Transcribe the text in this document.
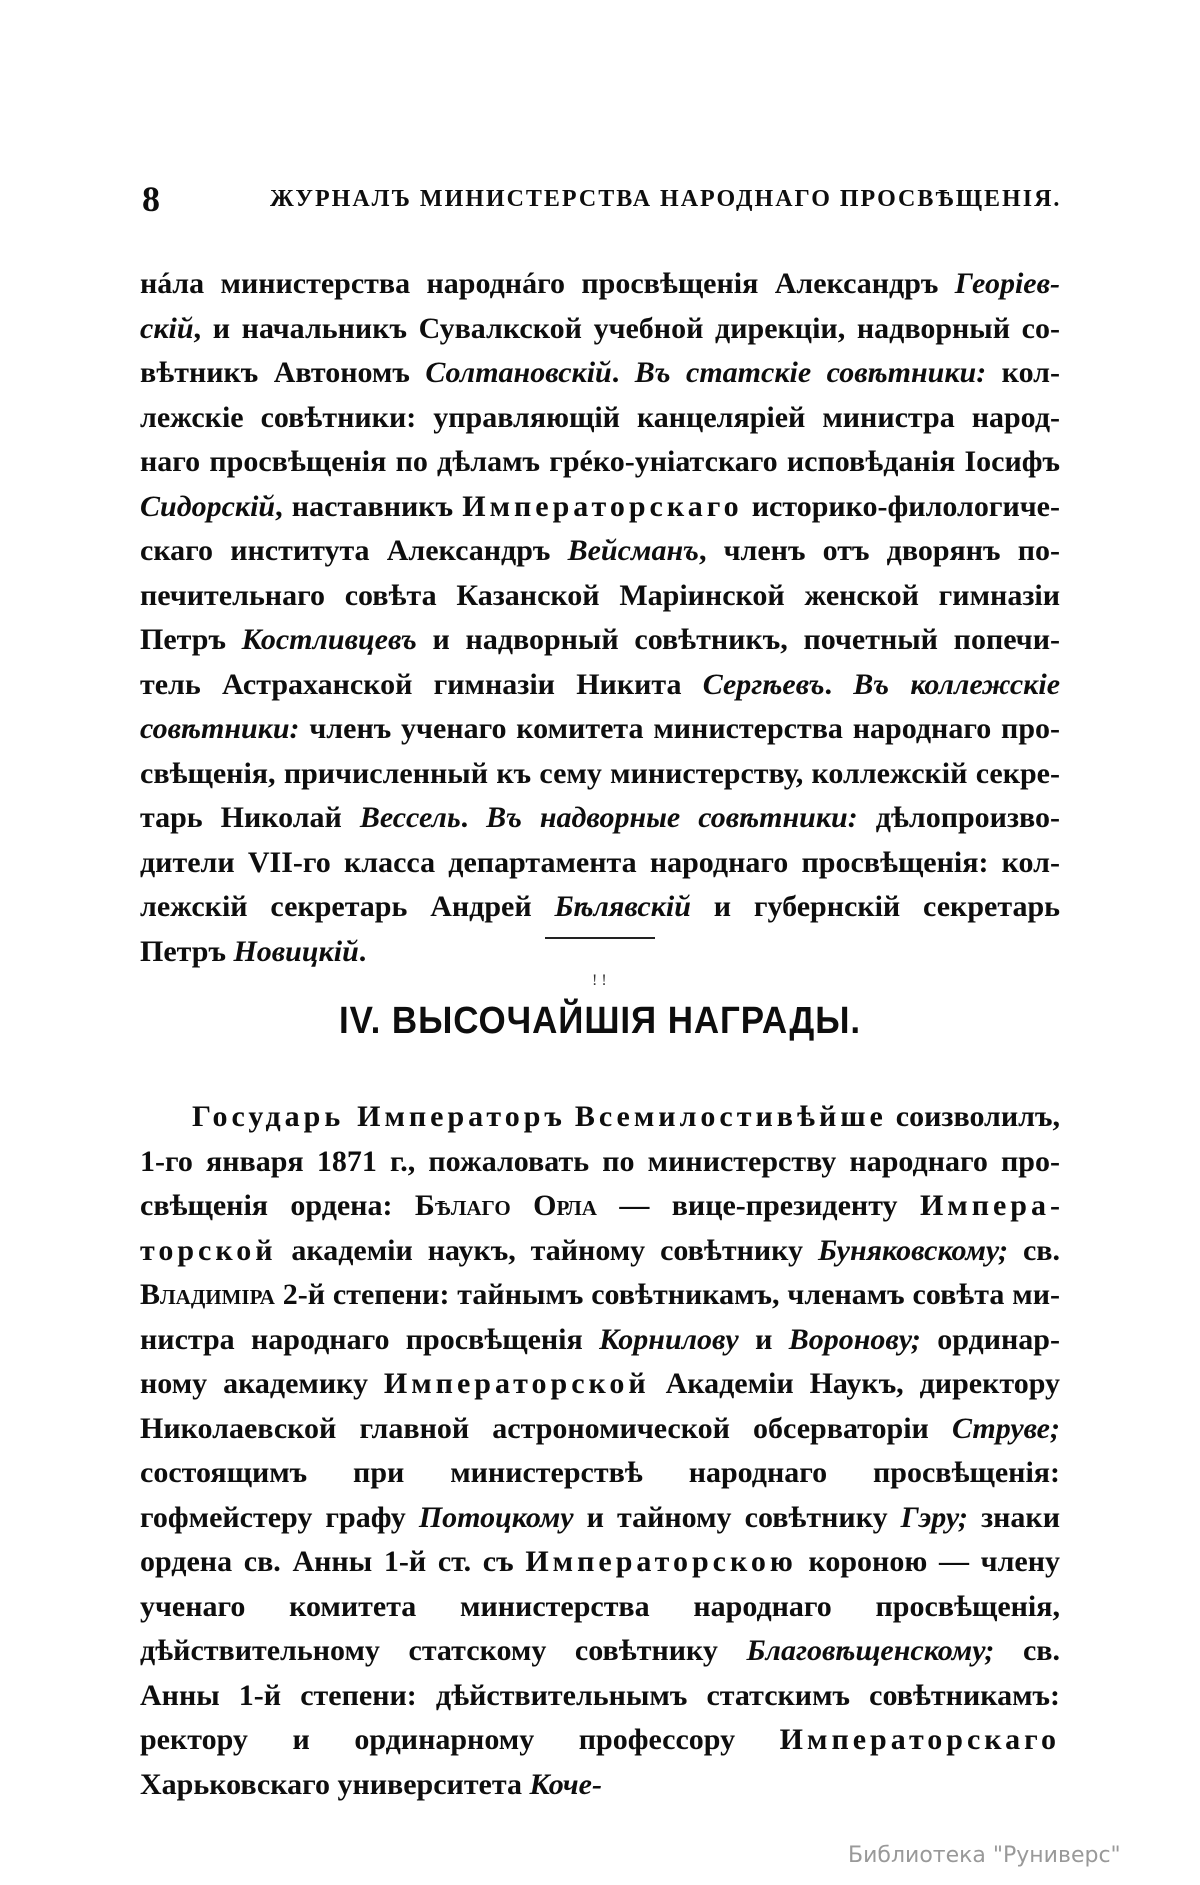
8	ЖУРНАЛЪ МИНИСТЕРСТВА НАРОДНАГО ПРОСВѢЩЕНІЯ.

нáла министерства народнáго просвѣщенія Александръ Георiевскій, и начальникъ Сувалкской учебной дирекціи, надворный совѣтникъ Автономъ Солтановскій. Въ статскіе совѣтники: коллежскіе совѣтники: управляющій канцеляріей министра народнаго просвѣщенія по дѣламъ грéко-уніатскаго исповѣданія Іосифъ Сидорскій, наставникъ Императорскаго историко-филологическаго института Александръ Вейсманъ, членъ отъ дворянъ попечительнаго совѣта Казанской Маріинской женской гимназіи Петръ Костливцевъ и надворный совѣтникъ, почетный попечитель Астраханской гимназіи Никита Сергѣевъ. Въ коллежскіе совѣтники: членъ ученаго комитета министерства народнаго просвѣщенія, причисленный къ сему министерству, коллежскій секретарь Николай Вессель. Въ надворные совѣтники: дѣлопроизводители VII-го класса департамента народнаго просвѣщенія: коллежскій секретарь Андрей Бѣлявскій и губернскій секретарь Петръ Новицкій.

! !
IV. ВЫСОЧАЙШІЯ НАГРАДЫ.

Государь Императоръ Всемилостивѣйше соизволилъ, 1-го января 1871 г., пожаловать по министерству народнаго просвѣщенiя ордена: Бѣлаго Орла — вице-президенту Императорской академіи наукъ, тайному совѣтнику Буняковскому; св. Владиміра 2-й степени: тайнымъ совѣтникамъ, членамъ совѣта министра народнаго просвѣщенія Корнилову и Воронову; ординарному академику Императорской Академіи Наукъ, директору Николаевской главной астрономической обсерваторіи Струве; состоящимъ при министерствѣ народнаго просвѣщенія: гофмейстеру графу Потоцкому и тайному совѣтнику Гэру; знаки ордена св. Анны 1-й ст. съ Императорскою короною — члену ученаго комитета министерства народнаго просвѣщенія, дѣйствительному статскому совѣтнику Благовѣщенскому; св. Анны 1-й степени: дѣйствительнымъ статскимъ совѣтникамъ: ректору и ординарному профессору Императорскаго Харьковскаго университета Коче-

Библиотека "Руниверс"
